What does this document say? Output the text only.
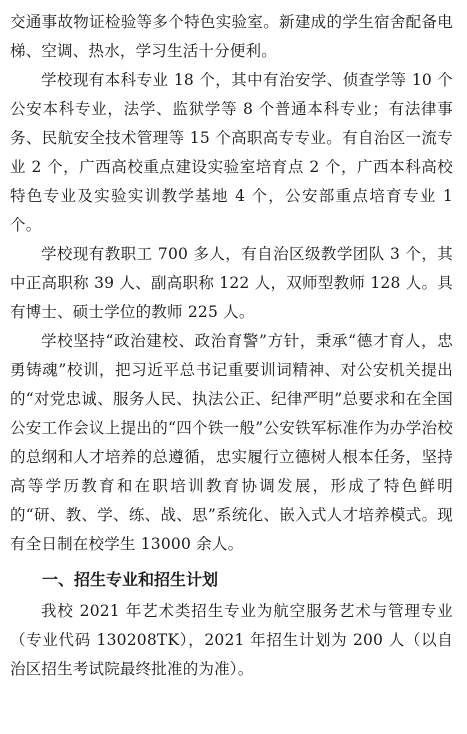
交通事故物证检验等多个特色实验室。新建成的学生宿舍配备电梯、空调、热水，学习生活十分便利。

学校现有本科专业 18 个，其中有治安学、侦查学等 10 个公安本科专业，法学、监狱学等 8 个普通本科专业；有法律事务、民航安全技术管理等 15 个高职高专专业。有自治区一流专业 2 个，广西高校重点建设实验室培育点 2 个，广西本科高校特色专业及实验实训教学基地 4 个，公安部重点培育专业 1 个。

学校现有教职工 700 多人，有自治区级教学团队 3 个，其中正高职称 39 人、副高职称 122 人，双师型教师 128 人。具有博士、硕士学位的教师 225 人。

学校坚持“政治建校、政治育警”方针，秉承“德才育人，忠勇铸魂”校训，把习近平总书记重要训词精神、对公安机关提出的“对党忠诚、服务人民、执法公正、纪律严明”总要求和在全国公安工作会议上提出的“四个铁一般”公安铁军标准作为办学治校的总纲和人才培养的总遵循，忠实履行立德树人根本任务，坚持高等学历教育和在职培训教育协调发展，形成了特色鲜明的“研、教、学、练、战、思”系统化、嵌入式人才培养模式。现有全日制在校学生 13000 余人。

一、招生专业和招生计划

我校 2021 年艺术类招生专业为航空服务艺术与管理专业（专业代码 130208TK），2021 年招生计划为 200 人（以自治区招生考试院最终批准的为准）。
